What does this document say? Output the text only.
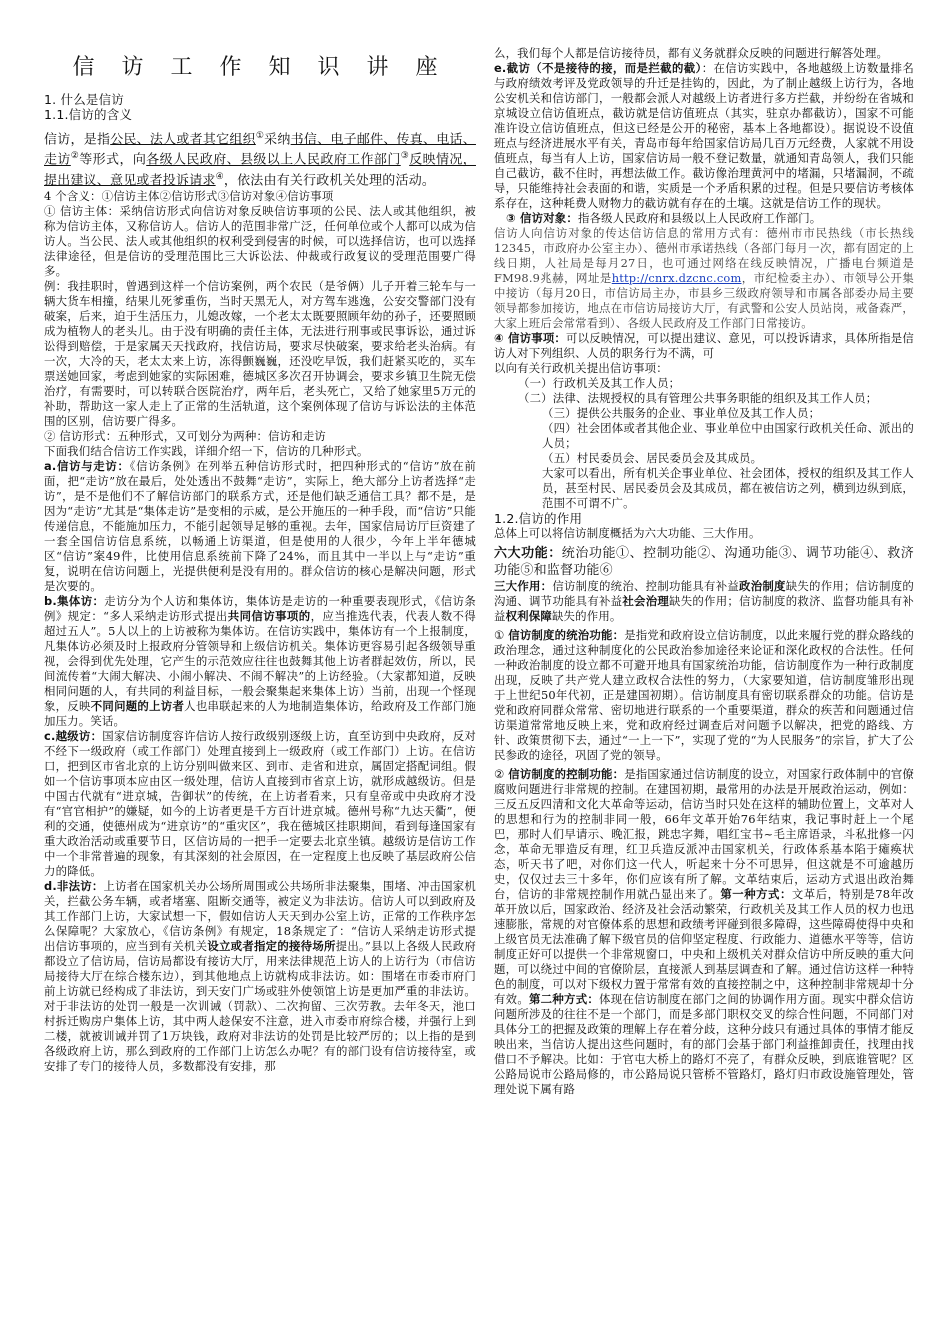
信 访 工 作 知 识 讲 座

1. 什么是信访

1.1.信访的含义

信访，是指公民、法人或者其它组织①采纳书信、电子邮件、传真、电话、走访②等形式，向各级人民政府、县级以上人民政府工作部门③反映情况，提出建议、意见或者投诉请求④，依法由有关行政机关处理的活动。

4 个含义：①信访主体②信访形式③信访对象④信访事项

① 信访主体：采纳信访形式向信访对象反映信访事项的公民、法人或其他组织，被称为信访主体，又称信访人。信访人的范围非常广泛，任何单位或个人都可以成为信访人。当公民、法人或其他组织的权利受到侵害的时候，可以选择信访，也可以选择法律途径，但是信访的受理范围比三大诉讼法、仲裁或行政复议的受理范围要广得多。

例：我挂职时，曾遇到这样一个信访案例，两个农民（是爷俩）儿子开着三轮车与一辆大货车相撞，结果儿死爹重伤，当时天黑无人，对方驾车逃逸，公安交警部门没有破案，后来，迫于生活压力，儿媳改嫁，一个老太太既要照顾年幼的孙子，还要照顾成为植物人的老头儿。由于没有明确的责任主体，无法进行刑事或民事诉讼，通过诉讼得到赔偿，于是家属天天找政府，找信访局，要求尽快破案，要求给老头治病。有一次，大冷的天，老太太来上访，冻得颤巍巍，还没吃早饭，我们赶紧买吃的，买车票送她回家，考虑到她家的实际困难，德城区多次召开协调会，要求乡镇卫生院无偿治疗，有需要时，可以转联合医院治疗，两年后，老头死亡，又给了她家里5万元的补助，帮助这一家人走上了正常的生活轨道，这个案例体现了信访与诉讼法的主体范围的区别，信访要广得多。

② 信访形式：五种形式，又可划分为两种：信访和走访

下面我们结合信访工作实践，详细介绍一下，信访的几种形式。

a.信访与走访：《信访条例》在列举五种信访形式时，把四种形式的“信访”放在前面，把“走访”放在最后，处处透出不鼓舞“走访”，实际上，绝大部分上访者选择“走访”，是不是他们不了解信访部门的联系方式，还是他们缺乏通信工具？都不是，是因为“走访”尤其是“集体走访”是变相的示威，是公开施压的一种手段，而“信访”只能传递信息，不能施加压力，不能引起领导足够的重视。去年，国家信局访厅巨资建了一套全国信访信息系统，以畅通上访渠道，但是使用的人很少，今年上半年德城区“信访”案49件，比使用信息系统前下降了24%，而且其中一半以上与“走访”重复，说明在信访问题上，光提供便利是没有用的。群众信访的核心是解决问题，形式是次要的。

b.集体访：走访分为个人访和集体访，集体访是走访的一种重要表现形式，《信访条例》规定：“多人采纳走访形式提出共同信访事项的，应当推选代表，代表人数不得超过五人”。5人以上的上访被称为集体访。在信访实践中，集体访有一个上报制度，凡集体访必须及时上报政府分管领导和上级信访机关。集体访更容易引起各级领导重视，会得到优先处理，它产生的示范效应往往也鼓舞其他上访者群起效仿，所以，民间流传着“大闹大解决、小闹小解决、不闹不解决”的上访经验。（大家都知道，反映相同问题的人，有共同的利益目标，一般会聚集起来集体上访）当前，出现一个怪现象，反映不同问题的上访者人也串联起来的人为地制造集体访，给政府及工作部门施加压力。笑话。

c.越级访：国家信访制度容许信访人按行政级别逐级上访，直至访到中央政府，反对不经下一级政府（或工作部门）处理直接到上一级政府（或工作部门）上访。在信访口，把到区市省北京的上访分别叫做来区、到市、走省和进京，属固定搭配词组。假如一个信访事项本应由区一级处理，信访人直接到市省京上访，就形成越级访。但是中国古代就有“进京城，告御状”的传统，在上访者看来，只有皇帝或中央政府才没有“官官相护”的嫌疑，如今的上访者更是千方百计进京城。德州号称“九达天衢”，便利的交通，使德州成为“进京访”的“重灾区”，我在德城区挂职期间，看到每逢国家有重大政治活动或重要节日，区信访局的一把手一定要去北京坐镇。越级访是信访工作中一个非常普遍的现象，有其深刻的社会原因，在一定程度上也反映了基层政府公信力的降低。

d.非法访：上访者在国家机关办公场所周围或公共场所非法聚集，围堵、冲击国家机关，拦截公务车辆，或者堵塞、阻断交通等，被定义为非法访。信访人可以到政府及其工作部门上访，大家试想一下，假如信访人天天到办公室上访，正常的工作秩序怎么保障呢？大家放心，《信访条例》有规定，18条规定了：“信访人采纳走访形式提出信访事项的，应当到有关机关设立或者指定的接待场所提出。”县以上各级人民政府都设立了信访局，信访局都设有接访大厅，用来法律规范上访人的上访行为（市信访局接待大厅在综合楼东边），到其他地点上访就构成非法访。如：围堵在市委市府门前上访就已经构成了非法访，到天安门广场或驻外使领馆上访是更加严重的非法访。对于非法访的处罚一般是一次训诫（罚款）、二次拘留、三次劳教。去年冬天，池口村拆迁购房户集体上访，其中两人趁保安不注意，进入市委市府综合楼，并强行上到二楼，就被训诫并罚了1万块钱，政府对非法访的处罚是比较严厉的；以上指的是到各级政府上访，那么到政府的工作部门上访怎么办呢？有的部门设有信访接待室，或安排了专门的接待人员，多数都没有安排，那

么，我们每个人都是信访接待员，都有义务就群众反映的问题进行解答处理。

e.截访（不是接待的接，而是拦截的截）：在信访实践中，各地越级上访数量排名与政府绩效考评及党政领导的升迁是挂钩的，因此，为了制止越级上访行为，各地公安机关和信访部门，一般都会派人对越级上访者进行多方拦截，并纷纷在省城和京城设立信访值班点，截访就是信访值班点（其实，驻京办都截访），国家不可能准许设立信访值班点，但这已经是公开的秘密，基本上各地都设）。据说设不设值班点与经济进展水平有关，青岛市每年给国家信访局几百万元经费，人家就不用设值班点，每当有人上访，国家信访局一般不登记数量，就通知青岛领人，我们只能自己截访，截不住时，再想法做工作。截访像治理黄河中的堵漏，只堵漏洞，不疏导，只能维持社会表面的和谐，实质是一个矛盾积累的过程。但是只要信访考核体系存在，这种耗费人财物力的截访就有存在的土壤。这就是信访工作的现状。

③ 信访对象：指各级人民政府和县级以上人民政府工作部门。

信访人向信访对象的传达信访信息的常用方式有：德州市市民热线（市长热线12345，市政府办公室主办）、德州市承诺热线（各部门每月一次，都有固定的上线日期，人社局是每月27日，也可通过网络在线反映情况，广播电台频道是FM98.9兆赫，网址是http://cnrx.dzcnc.com，市纪检委主办）、市领导公开集中接访（每月20日，市信访局主办，市县乡三级政府领导和市属各部委办局主要领导都参加接访，地点在市信访局接访大厅，有武警和公安人员站岗，戒备森严，大家上班后会常常看到）、各级人民政府及工作部门日常接访。

④ 信访事项：可以反映情况，可以提出建议、意见，可以投诉请求，具体所指是信访人对下列组织、人员的职务行为不满，可

以向有关行政机关提出信访事项：

（一）行政机关及其工作人员；

（二）法律、法规授权的具有管理公共事务职能的组织及其工作人员；

（三）提供公共服务的企业、事业单位及其工作人员；

（四）社会团体或者其他企业、事业单位中由国家行政机关任命、派出的人员；

（五）村民委员会、居民委员会及其成员。

大家可以看出，所有机关企事业单位、社会团体，授权的组织及其工作人员，甚至村民、居民委员会及其成员，都在被信访之列，横到边纵到底，范围不可谓不广。

1.2.信访的作用

总体上可以将信访制度概括为六大功能、三大作用。

六大功能：统治功能①、控制功能②、沟通功能③、调节功能④、救济功能⑤和监督功能⑥

三大作用：信访制度的统治、控制功能具有补益政治制度缺失的作用；信访制度的沟通、调节功能具有补益社会治理缺失的作用；信访制度的救济、监督功能具有补益权利保障缺失的作用。

① 信访制度的统治功能：是指党和政府设立信访制度，以此来履行党的群众路线的政治理念，通过这种制度化的公民政治参加途径来论证和深化政权的合法性。任何一种政治制度的设立都不可避开地具有国家统治功能，信访制度作为一种行政制度出现，反映了共产党人建立政权合法性的努力，（大家要知道，信访制度雏形出现于上世纪50年代初，正是建国初期）。信访制度具有密切联系群众的功能。信访是党和政府同群众常常、密切地进行联系的一个重要渠道，群众的疾苦和问题通过信访渠道常常地反映上来，党和政府经过调查后对问题予以解决，把党的路线、方针、政策贯彻下去，通过“一上一下”，实现了党的“为人民服务”的宗旨，扩大了公民参政的途径，巩固了党的领导。

② 信访制度的控制功能：是指国家通过信访制度的设立，对国家行政体制中的官僚腐败问题进行非常规的控制。在建国初期，最常用的办法是开展政治运动，例如：三反五反四清和文化大革命等运动，信访当时只处在这样的辅助位置上，文革对人的思想和行为的控制非同一般，66年文革开始76年结束，我记事时赶上一个尾巴，那时人们早请示、晚汇报，跳忠字舞，唱红宝书~毛主席语录，斗私批修一闪念，革命无罪造反有理，红卫兵造反派冲击国家机关，行政体系基本陷于瘫痪状态，听天书了吧，对你们这一代人，听起来十分不可思异，但这就是不可逾越历史，仅仅过去三十多年，你们应该有所了解。文革结束后，运动方式退出政治舞台，信访的非常规控制作用就凸显出来了。第一种方式：文革后，特别是78年改革开放以后，国家政治、经济及社会活动繁荣，行政机关及其工作人员的权力也迅速膨胀，常规的对官僚体系的思想和政绩考评碰到很多障碍，这些障碍使得中央和上级官员无法准确了解下级官员的信仰坚定程度、行政能力、道德水平等等，信访制度正好可以提供一个非常规窗口，中央和上级机关对群众信访中所反映的重大问题，可以绕过中间的官僚阶层，直接派人到基层调查和了解。通过信访这样一种特色的制度，可以对下级权力置于常常有效的直接控制之中，这种控制非常规却十分有效。第二种方式：体现在信访制度在部门之间的协调作用方面。现实中群众信访问题所涉及的往往不是一个部门，而是多部门职权交叉的综合性问题，不同部门对具体分工的把握及政策的理解上存在着分歧，这种分歧只有通过具体的事情才能反映出来，当信访人提出这些问题时，有的部门会基于部门利益推卸责任，找理由找借口不予解决。比如：于官屯大桥上的路灯不亮了，有群众反映，到底谁管呢？区公路局说市公路局修的，市公路局说只管桥不管路灯，路灯归市政设施管理处，管理处说下属有路
